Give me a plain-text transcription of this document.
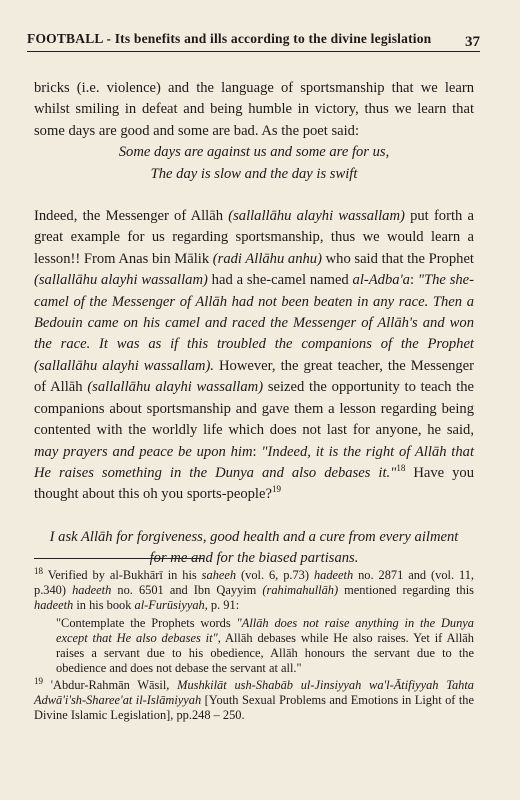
FOOTBALL - Its benefits and ills according to the divine legislation 37

bricks (i.e. violence) and the language of sportsmanship that we learn whilst smiling in defeat and being humble in victory, thus we learn that some days are good and some are bad. As the poet said:

Some days are against us and some are for us,

The day is slow and the day is swift

Indeed, the Messenger of Allāh (sallallāhu alayhi wassallam) put forth a great example for us regarding sportsmanship, thus we would learn a lesson!! From Anas bin Mālik (radi Allāhu anhu) who said that the Prophet (sallallāhu alayhi wassallam) had a she-camel named al-Adba'a: "The she-camel of the Messenger of Allāh had not been beaten in any race. Then a Bedouin came on his camel and raced the Messenger of Allāh's and won the race. It was as if this troubled the companions of the Prophet (sallallāhu alayhi wassallam). However, the great teacher, the Messenger of Allāh (sallallāhu alayhi wassallam) seized the opportunity to teach the companions about sportsmanship and gave them a lesson regarding being contented with the worldly life which does not last for anyone, he said, may prayers and peace be upon him: "Indeed, it is the right of Allāh that He raises something in the Dunya and also debases it."$^{18}$ Have you thought about this oh you sports-people?$^{19}$

I ask Allāh for forgiveness, good health and a cure from every ailment

for me and for the biased partisans.

$^{18}$ Verified by al-Bukhārī in his saheeh (vol. 6, p.73) hadeeth no. 2871 and (vol. 11, p.340) hadeeth no. 6501 and Ibn Qayyim (rahimahullāh) mentioned regarding this hadeeth in his book al-Furūsiyyah, p. 91:

"Contemplate the Prophets words "Allāh does not raise anything in the Dunya except that He also debases it", Allāh debases while He also raises. Yet if Allāh raises a servant due to his obedience, Allāh honours the servant due to the obedience and does not debase the servant at all."

$^{19}$ 'Abdur-Rahmān Wāsil, Mushkilāt ush-Shabāb ul-Jinsiyyah wa'l-Ātifiyyah Tahta Adwā'i'sh-Sharee'at il-Islāmiyyah [Youth Sexual Problems and Emotions in Light of the Divine Islamic Legislation], pp.248 – 250.
